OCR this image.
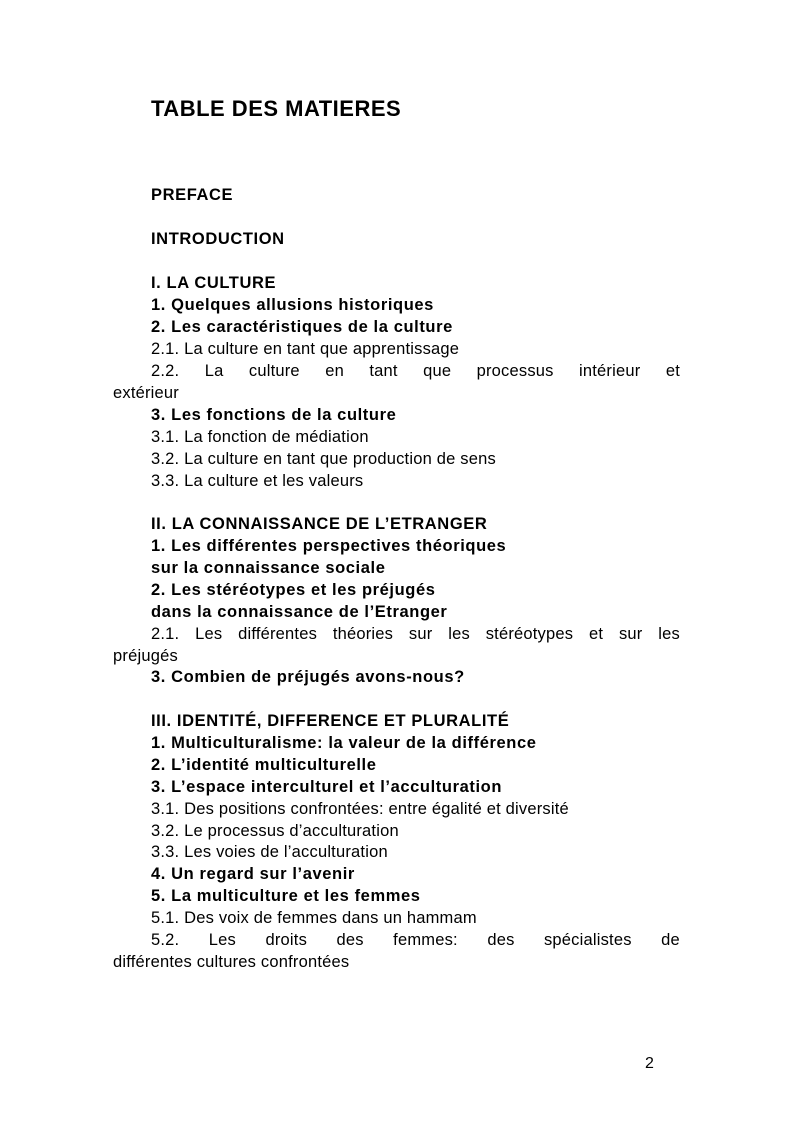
TABLE DES MATIERES
PREFACE
INTRODUCTION
I. LA CULTURE
1. Quelques allusions historiques
2. Les caractéristiques de la culture
2.1. La culture en tant que apprentissage
2.2. La culture en tant que processus intérieur et
extérieur
3. Les fonctions de la culture
3.1. La fonction de médiation
3.2. La culture en tant que production de sens
3.3. La culture et les valeurs
II. LA CONNAISSANCE DE L’ETRANGER
1. Les différentes perspectives théoriques
sur la connaissance sociale
2. Les stéréotypes et les préjugés
dans la connaissance de l’Etranger
2.1. Les différentes théories sur les stéréotypes et sur les
préjugés
3. Combien de préjugés avons-nous?
III. IDENTITÉ, DIFFERENCE ET PLURALITÉ
1. Multiculturalisme: la valeur de la différence
2. L’identité multiculturelle
3. L’espace interculturel et l’acculturation
3.1. Des positions confrontées: entre égalité et diversité
3.2. Le processus d’acculturation
3.3. Les voies de l’acculturation
4. Un regard sur l’avenir
5. La multiculture et les femmes
5.1. Des voix de femmes dans un hammam
5.2. Les droits des femmes: des spécialistes de
différentes cultures confrontées
2
